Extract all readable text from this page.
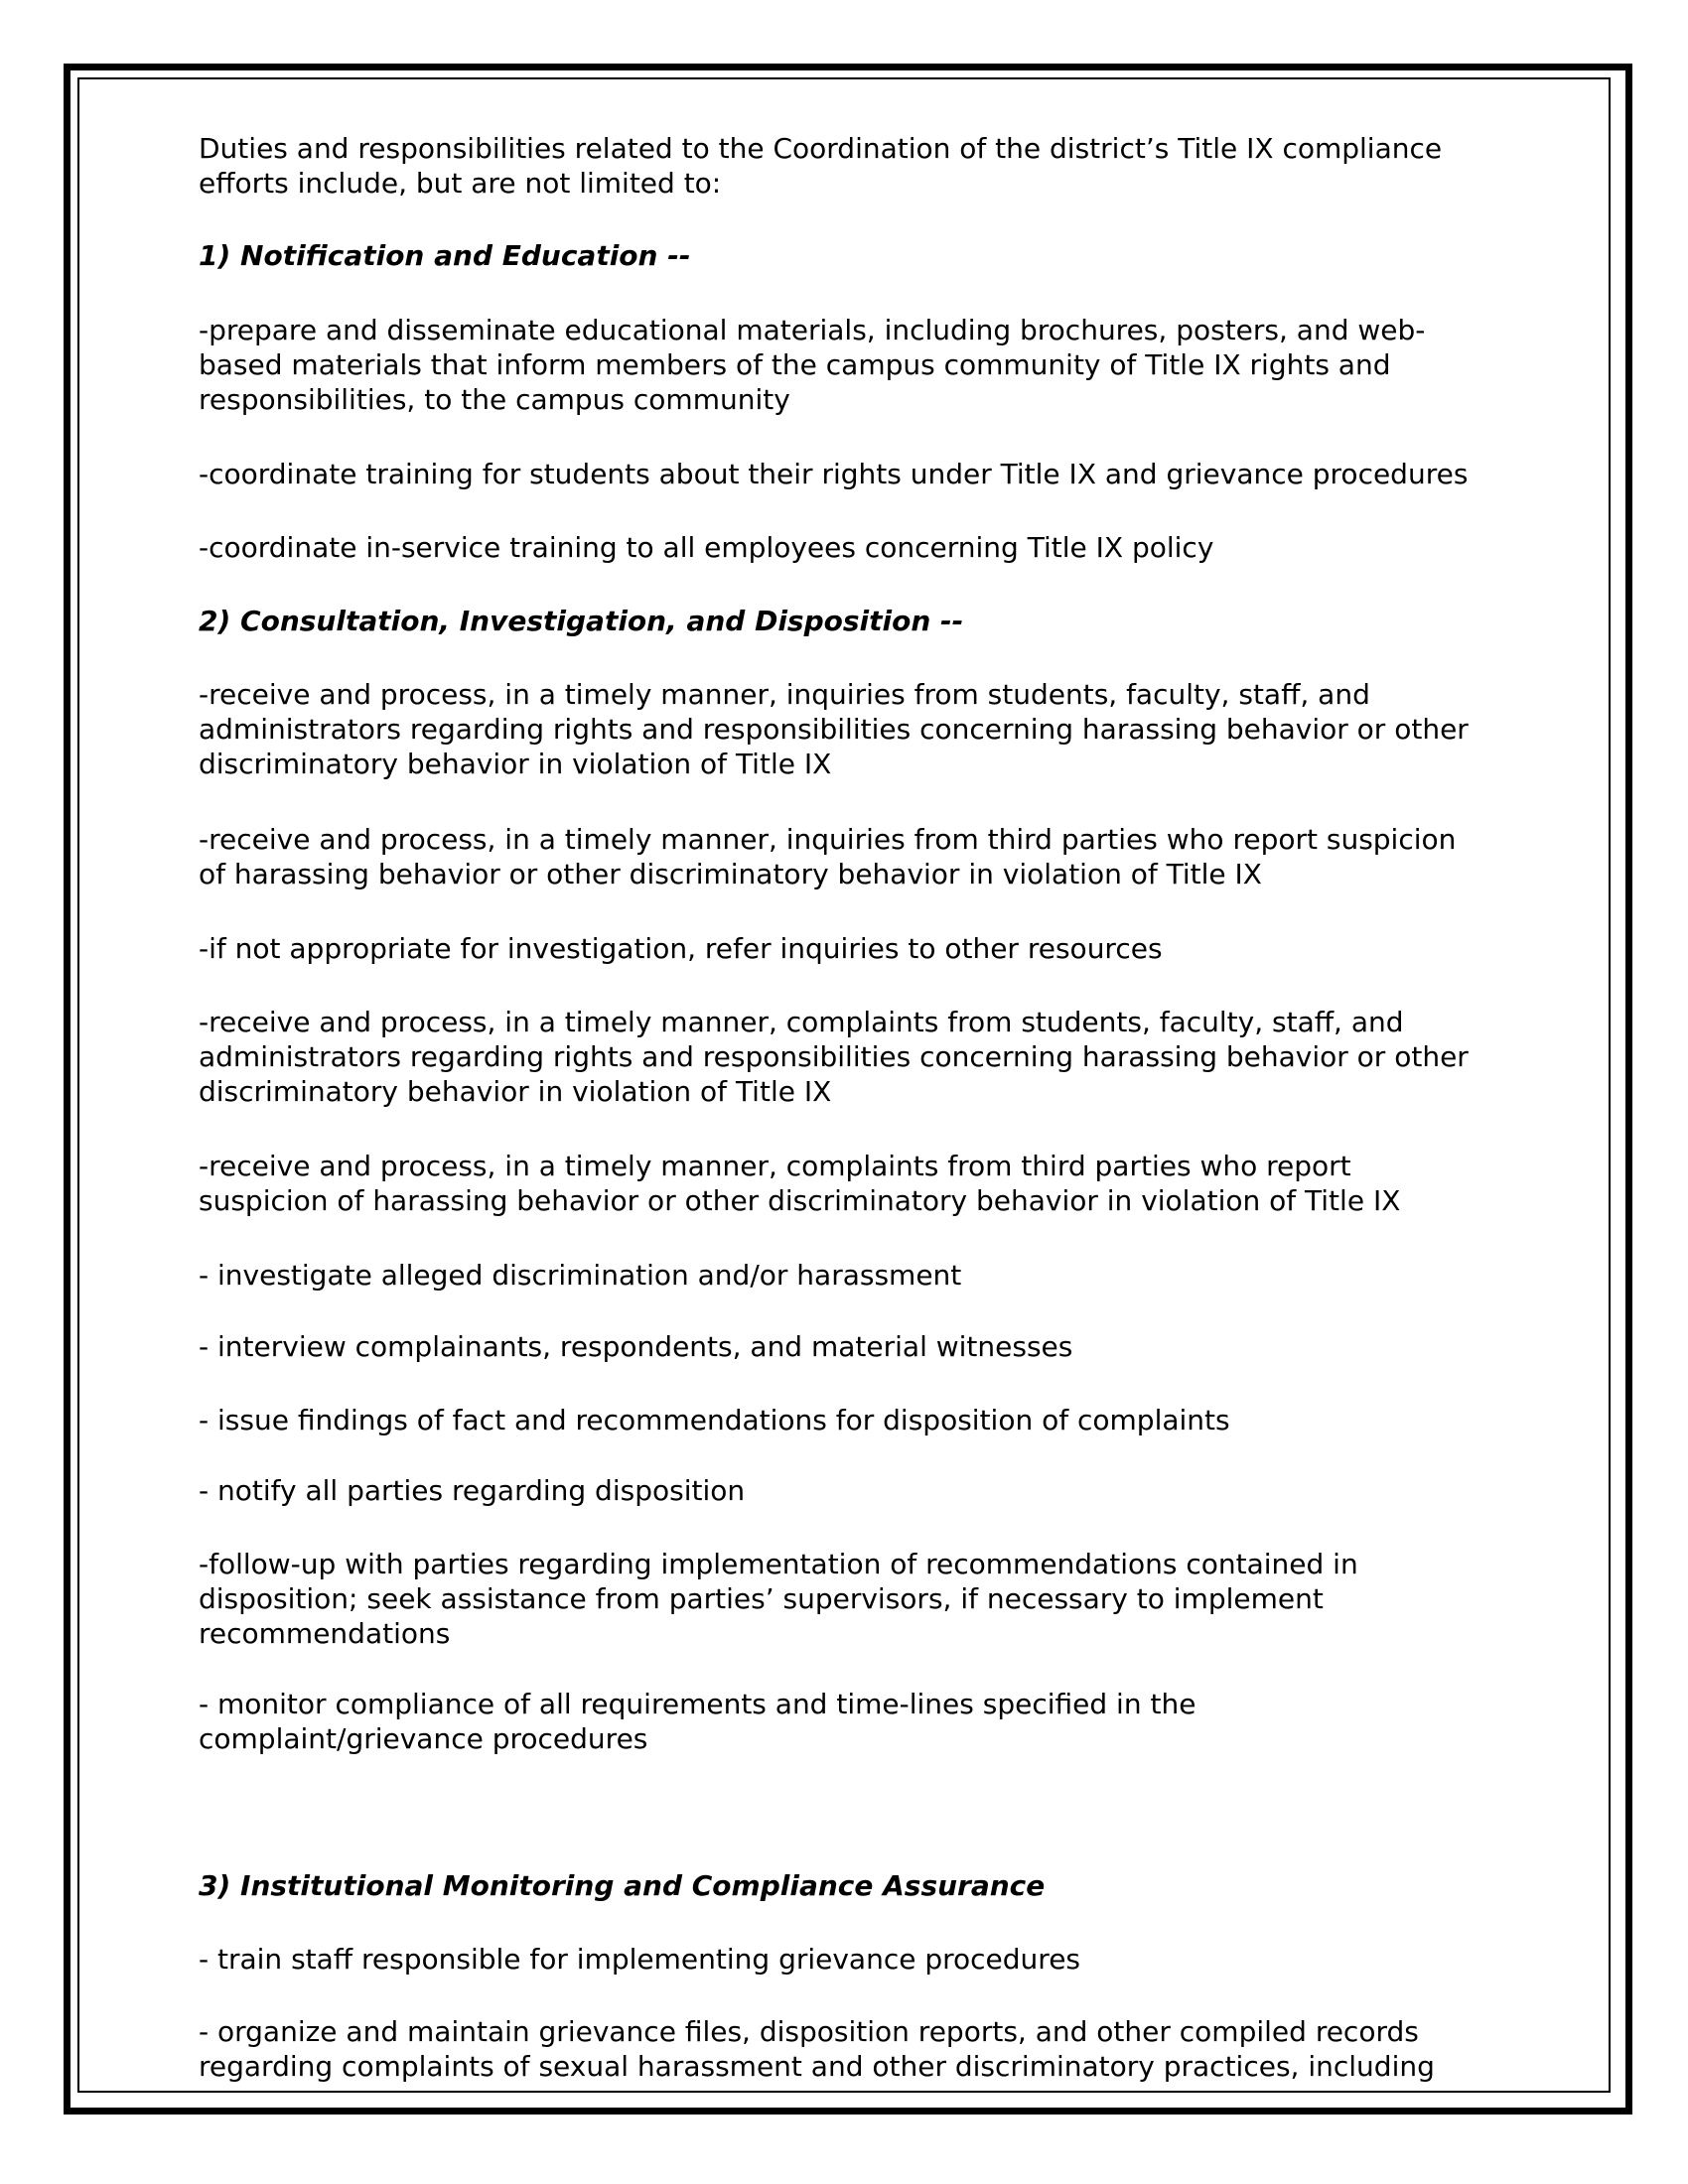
Duties and responsibilities related to the Coordination of the district’s Title IX compliance efforts include, but are not limited to:

1) Notification and Education --

-prepare and disseminate educational materials, including brochures, posters, and web-based materials that inform members of the campus community of Title IX rights and responsibilities, to the campus community

-coordinate training for students about their rights under Title IX and grievance procedures

-coordinate in-service training to all employees concerning Title IX policy

2) Consultation, Investigation, and Disposition --

-receive and process, in a timely manner, inquiries from students, faculty, staff, and administrators regarding rights and responsibilities concerning harassing behavior or other discriminatory behavior in violation of Title IX

-receive and process, in a timely manner, inquiries from third parties who report suspicion of harassing behavior or other discriminatory behavior in violation of Title IX

-if not appropriate for investigation, refer inquiries to other resources

-receive and process, in a timely manner, complaints from students, faculty, staff, and administrators regarding rights and responsibilities concerning harassing behavior or other discriminatory behavior in violation of Title IX

-receive and process, in a timely manner, complaints from third parties who report suspicion of harassing behavior or other discriminatory behavior in violation of Title IX

- investigate alleged discrimination and/or harassment

- interview complainants, respondents, and material witnesses

- issue findings of fact and recommendations for disposition of complaints

- notify all parties regarding disposition

-follow-up with parties regarding implementation of recommendations contained in disposition; seek assistance from parties’ supervisors, if necessary to implement recommendations

- monitor compliance of all requirements and time-lines specified in the complaint/grievance procedures

3) Institutional Monitoring and Compliance Assurance

- train staff responsible for implementing grievance procedures

- organize and maintain grievance files, disposition reports, and other compiled records regarding complaints of sexual harassment and other discriminatory practices, including
